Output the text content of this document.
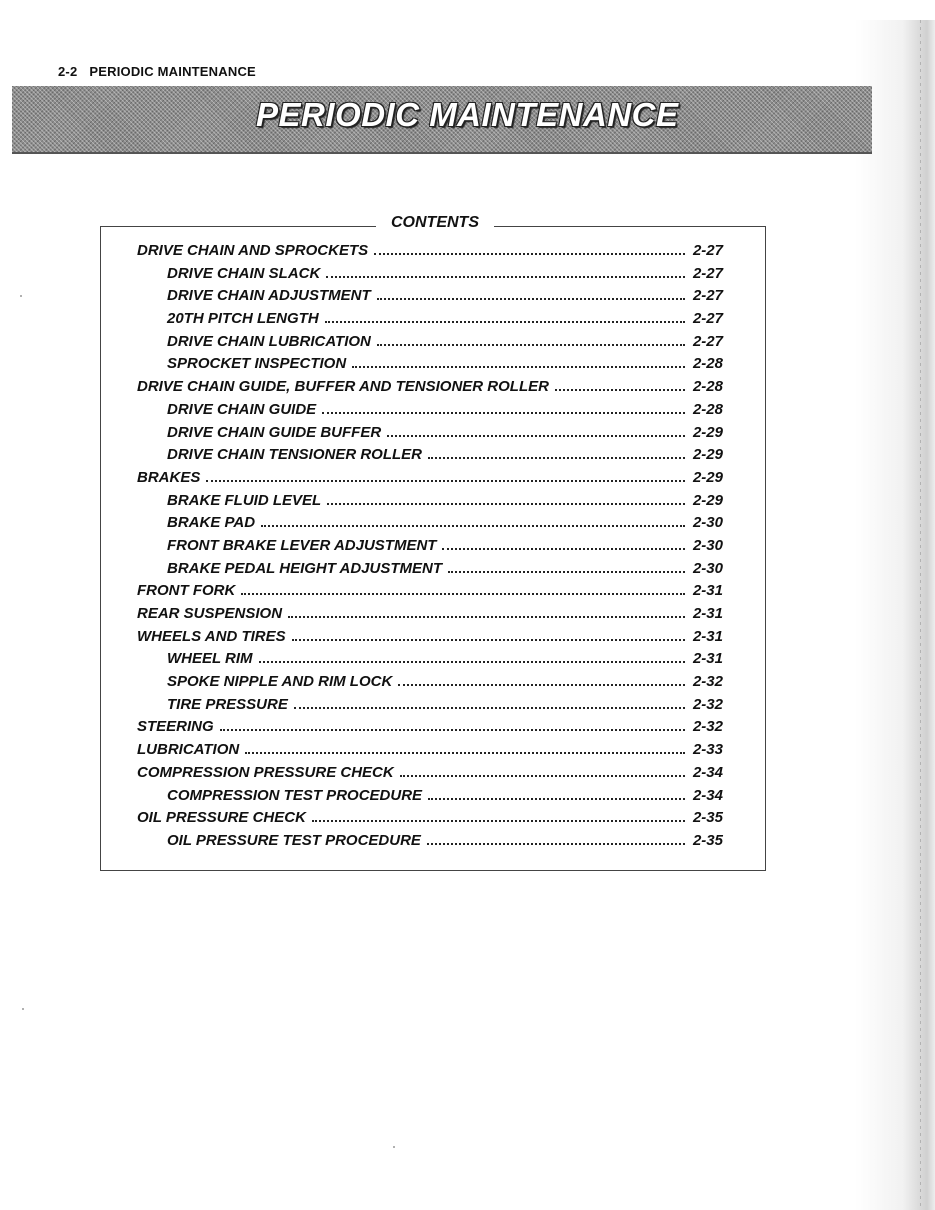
2-2 PERIODIC MAINTENANCE
PERIODIC MAINTENANCE
CONTENTS
DRIVE CHAIN AND SPROCKETS	2-27
DRIVE CHAIN SLACK	2-27
DRIVE CHAIN ADJUSTMENT	2-27
20TH PITCH LENGTH	2-27
DRIVE CHAIN LUBRICATION	2-27
SPROCKET INSPECTION	2-28
DRIVE CHAIN GUIDE, BUFFER AND TENSIONER ROLLER	2-28
DRIVE CHAIN GUIDE	2-28
DRIVE CHAIN GUIDE BUFFER	2-29
DRIVE CHAIN TENSIONER ROLLER	2-29
BRAKES	2-29
BRAKE FLUID LEVEL	2-29
BRAKE PAD	2-30
FRONT BRAKE LEVER ADJUSTMENT	2-30
BRAKE PEDAL HEIGHT ADJUSTMENT	2-30
FRONT FORK	2-31
REAR SUSPENSION	2-31
WHEELS AND TIRES	2-31
WHEEL RIM	2-31
SPOKE NIPPLE AND RIM LOCK	2-32
TIRE PRESSURE	2-32
STEERING	2-32
LUBRICATION	2-33
COMPRESSION PRESSURE CHECK	2-34
COMPRESSION TEST PROCEDURE	2-34
OIL PRESSURE CHECK	2-35
OIL PRESSURE TEST PROCEDURE	2-35
